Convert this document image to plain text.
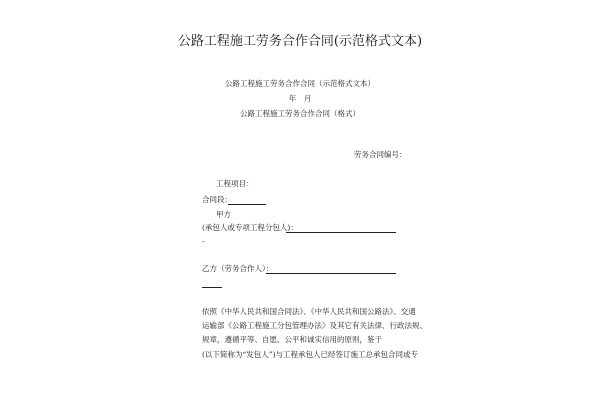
公路工程施工劳务合作合同(示范格式文本)
公路工程施工劳务合作合同（示范格式文本）
年　月
公路工程施工劳务合作合同（格式）
劳务合同编号：
工程项目：
合同段：
甲方
(承包人或专项工程分包人)：
-
乙方（劳务合作人）：
依照《中华人民共和国合同法》、《中华人民共和国公路法》、交通
运输部《公路工程施工分包管理办法》及其它有关法律、行政法规、
规章，遵循平等、自愿、公平和诚实信用的原则，鉴于
(以下简称为“发包人”)与工程承包人已经签订施工总承包合同或专
